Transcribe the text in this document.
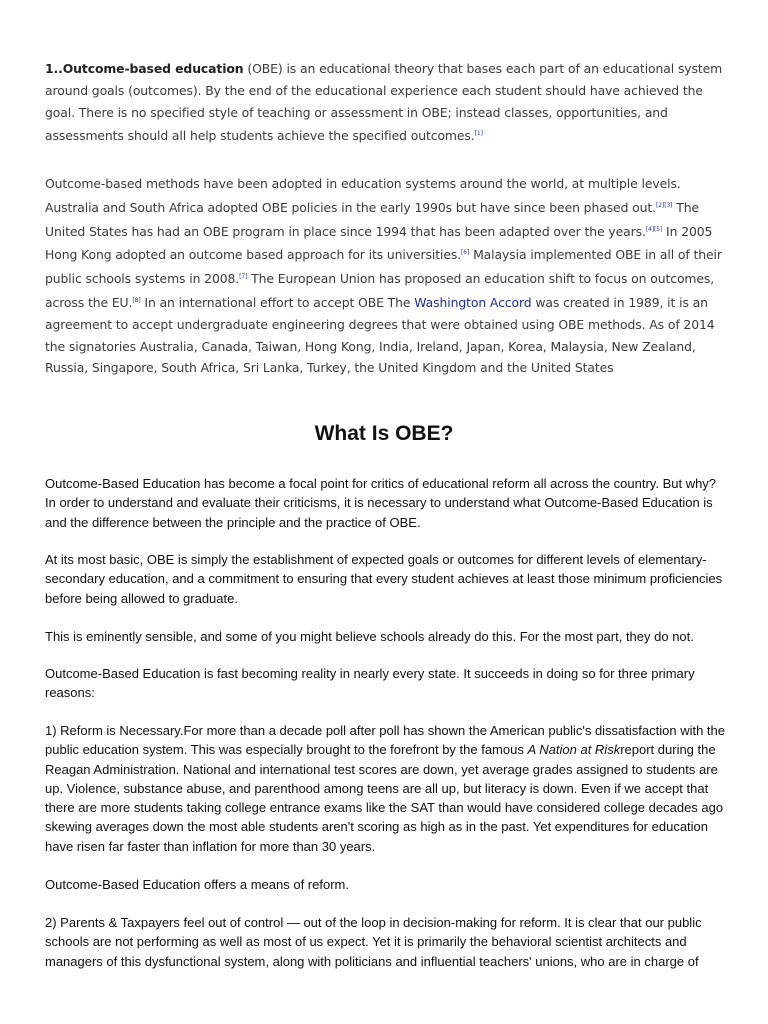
1..Outcome-based education (OBE) is an educational theory that bases each part of an educational system around goals (outcomes). By the end of the educational experience each student should have achieved the goal. There is no specified style of teaching or assessment in OBE; instead classes, opportunities, and assessments should all help students achieve the specified outcomes.[1]

Outcome-based methods have been adopted in education systems around the world, at multiple levels. Australia and South Africa adopted OBE policies in the early 1990s but have since been phased out.[2][3] The United States has had an OBE program in place since 1994 that has been adapted over the years.[4][5] In 2005 Hong Kong adopted an outcome based approach for its universities.[6] Malaysia implemented OBE in all of their public schools systems in 2008.[7] The European Union has proposed an education shift to focus on outcomes, across the EU.[8] In an international effort to accept OBE The Washington Accord was created in 1989, it is an agreement to accept undergraduate engineering degrees that were obtained using OBE methods. As of 2014 the signatories Australia, Canada, Taiwan, Hong Kong, India, Ireland, Japan, Korea, Malaysia, New Zealand, Russia, Singapore, South Africa, Sri Lanka, Turkey, the United Kingdom and the United States

What Is OBE?

Outcome-Based Education has become a focal point for critics of educational reform all across the country. But why? In order to understand and evaluate their criticisms, it is necessary to understand what Outcome-Based Education is and the difference between the principle and the practice of OBE.

At its most basic, OBE is simply the establishment of expected goals or outcomes for different levels of elementary-secondary education, and a commitment to ensuring that every student achieves at least those minimum proficiencies before being allowed to graduate.

This is eminently sensible, and some of you might believe schools already do this. For the most part, they do not.

Outcome-Based Education is fast becoming reality in nearly every state. It succeeds in doing so for three primary reasons:

1) Reform is Necessary.For more than a decade poll after poll has shown the American public's dissatisfaction with the public education system. This was especially brought to the forefront by the famous A Nation at Riskreport during the Reagan Administration. National and international test scores are down, yet average grades assigned to students are up. Violence, substance abuse, and parenthood among teens are all up, but literacy is down. Even if we accept that there are more students taking college entrance exams like the SAT than would have considered college decades ago skewing averages down the most able students aren't scoring as high as in the past. Yet expenditures for education have risen far faster than inflation for more than 30 years.

Outcome-Based Education offers a means of reform.

2) Parents & Taxpayers feel out of control — out of the loop in decision-making for reform. It is clear that our public schools are not performing as well as most of us expect. Yet it is primarily the behavioral scientist architects and managers of this dysfunctional system, along with politicians and influential teachers' unions, who are in charge of
